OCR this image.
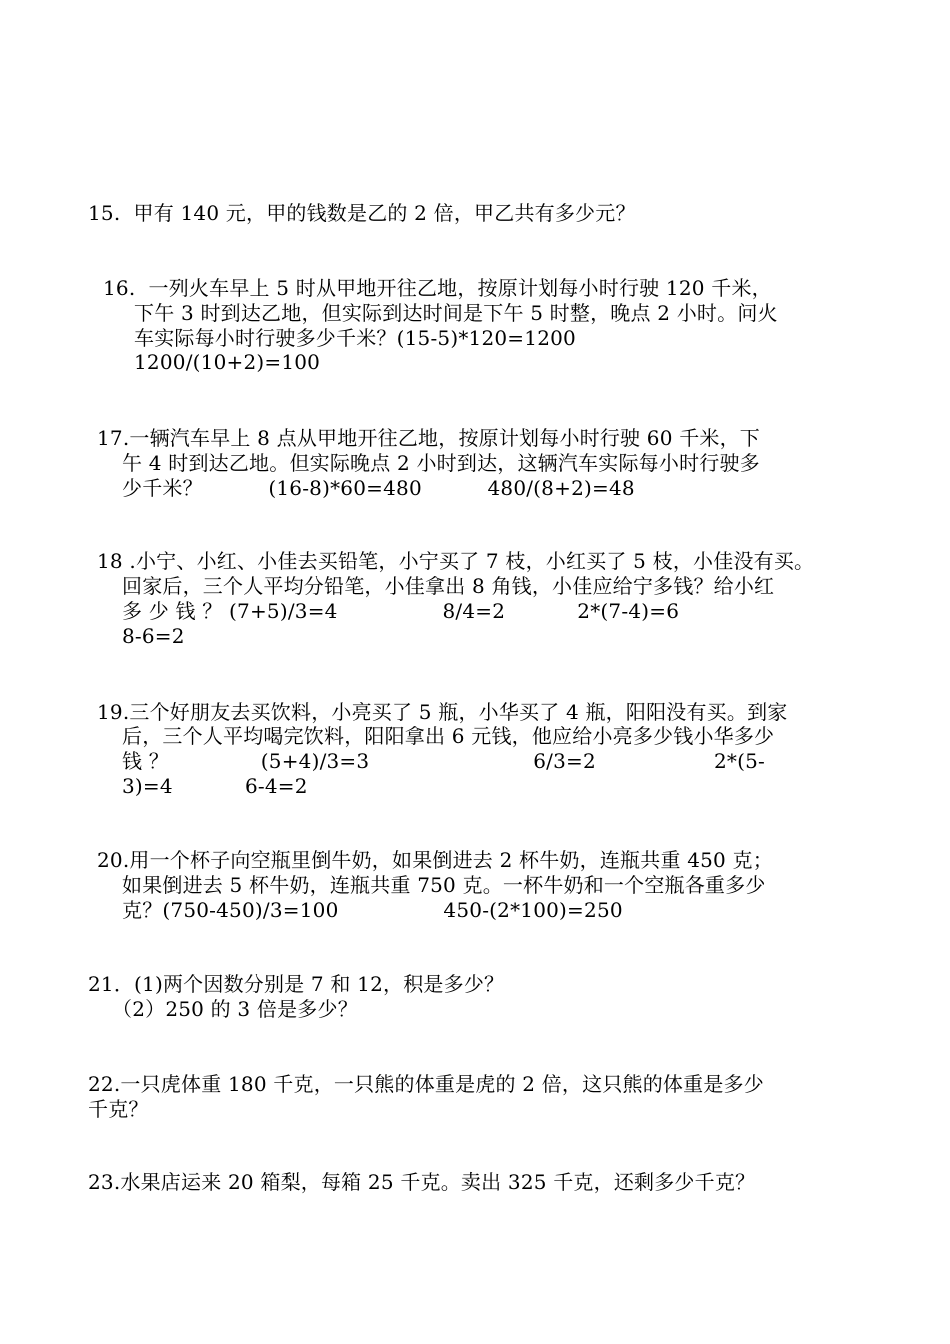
15.  甲有 140 元，甲的钱数是乙的 2 倍，甲乙共有多少元？
16.  一列火车早上 5 时从甲地开往乙地，按原计划每小时行驶 120 千米，
下午 3 时到达乙地，但实际到达时间是下午 5 时整，晚点 2 小时。问火
车实际每小时行驶多少千米？(15-5)*120=1200
1200/(10+2)=100
17.一辆汽车早上 8 点从甲地开往乙地，按原计划每小时行驶 60 千米，下
午 4 时到达乙地。但实际晚点 2 小时到达，这辆汽车实际每小时行驶多
少千米？          (16-8)*60=480          480/(8+2)=48
18 .小宁、小红、小佳去买铅笔，小宁买了 7 枝，小红买了 5 枝，小佳没有买。
回家后，三个人平均分铅笔，小佳拿出 8 角钱，小佳应给宁多钱？给小红
多 少 钱 ？ (7+5)/3=4                8/4=2           2*(7-4)=6
8-6=2
19.三个好朋友去买饮料，小亮买了 5 瓶，小华买了 4 瓶，阳阳没有买。到家
后，三个人平均喝完饮料，阳阳拿出 6 元钱，他应给小亮多少钱小华多少
钱 ？              (5+4)/3=3                         6/3=2                  2*(5-
3)=4           6-4=2
20.用一个杯子向空瓶里倒牛奶，如果倒进去 2 杯牛奶，连瓶共重 450 克；
如果倒进去 5 杯牛奶，连瓶共重 750 克。一杯牛奶和一个空瓶各重多少
克？(750-450)/3=100                450-(2*100)=250
21．(1)两个因数分别是 7 和 12，积是多少？
（2）250 的 3 倍是多少？
22.一只虎体重 180 千克，一只熊的体重是虎的 2 倍，这只熊的体重是多少
千克？
23.水果店运来 20 箱梨，每箱 25 千克。卖出 325 千克，还剩多少千克？
